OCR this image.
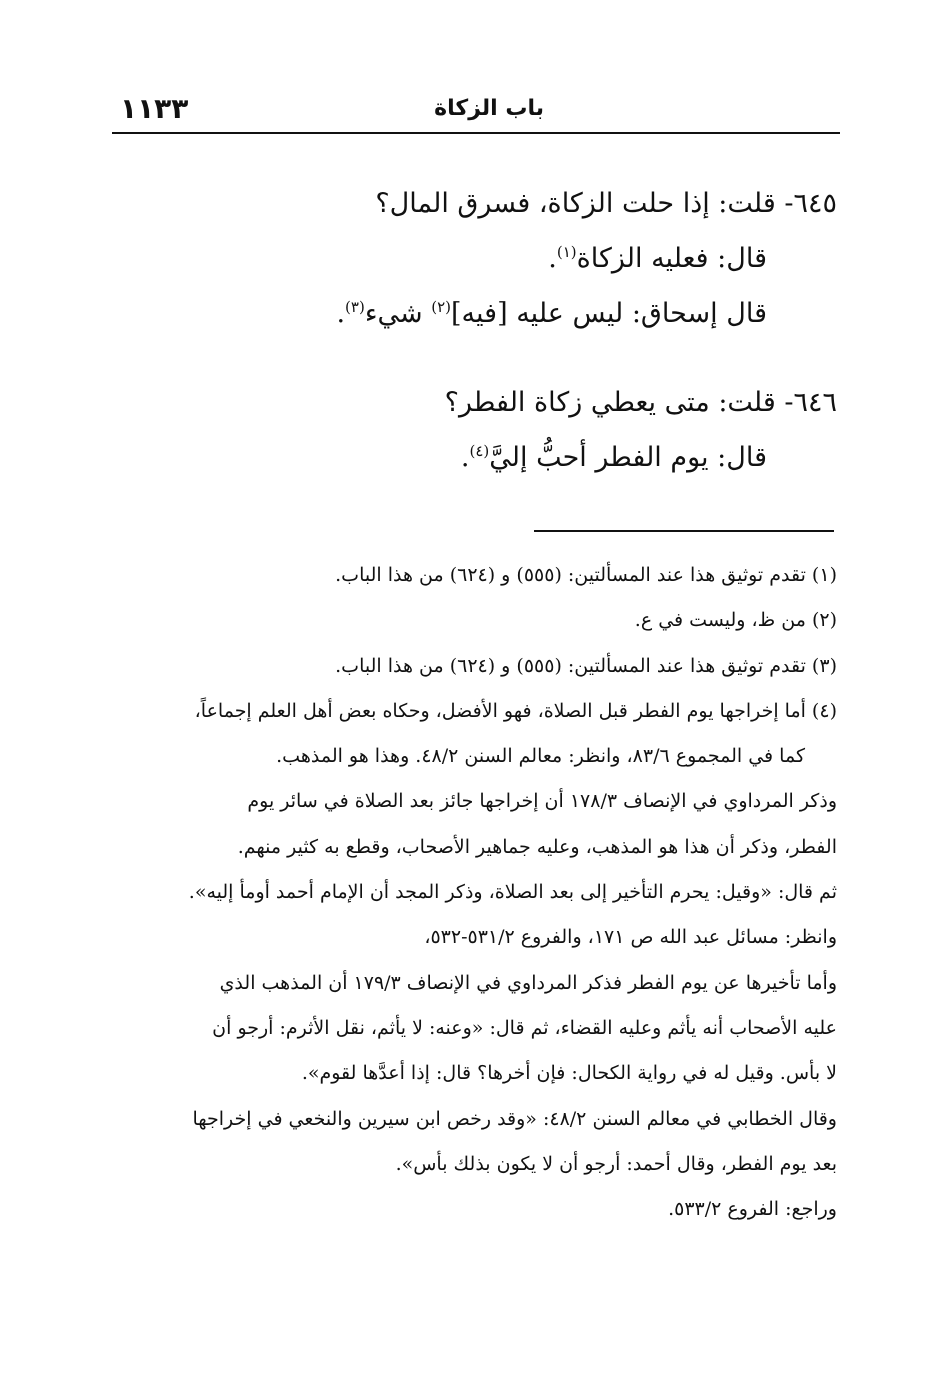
١١٣٣	باب الزكاة
٦٤٥- قلت: إذا حلت الزكاة، فسرق المال؟
قال: فعليه الزكاة$^{(١)}$.
قال إسحاق: ليس عليه [فيه]$^{(٢)}$ شيء$^{(٣)}$.
٦٤٦- قلت: متى يعطي زكاة الفطر؟
قال: يوم الفطر أحبُّ إليَّ$^{(٤)}$.
(١) تقدم توثيق هذا عند المسألتين: (٥٥٥) و (٦٢٤) من هذا الباب.
(٢) من ظ، وليست في ع.
(٣) تقدم توثيق هذا عند المسألتين: (٥٥٥) و (٦٢٤) من هذا الباب.
(٤) أما إخراجها يوم الفطر قبل الصلاة، فهو الأفضل، وحكاه بعض أهل العلم إجماعاً،
كما في المجموع ٨٣/٦، وانظر: معالم السنن ٤٨/٢. وهذا هو المذهب.
وذكر المرداوي في الإنصاف ١٧٨/٣ أن إخراجها جائز بعد الصلاة في سائر يوم
الفطر، وذكر أن هذا هو المذهب، وعليه جماهير الأصحاب، وقطع به كثير منهم.
ثم قال: «وقيل: يحرم التأخير إلى بعد الصلاة، وذكر المجد أن الإمام أحمد أومأ إليه».
وانظر: مسائل عبد الله ص ١٧١، والفروع ٥٣١/٢-٥٣٢،
وأما تأخيرها عن يوم الفطر فذكر المرداوي في الإنصاف ١٧٩/٣ أن المذهب الذي
عليه الأصحاب أنه يأثم وعليه القضاء، ثم قال: «وعنه: لا يأثم، نقل الأثرم: أرجو أن
لا بأس. وقيل له في رواية الكحال: فإن أخرها؟ قال: إذا أعدَّها لقوم».
وقال الخطابي في معالم السنن ٤٨/٢: «وقد رخص ابن سيرين والنخعي في إخراجها
بعد يوم الفطر، وقال أحمد: أرجو أن لا يكون بذلك بأس».
وراجع: الفروع ٥٣٣/٢.
